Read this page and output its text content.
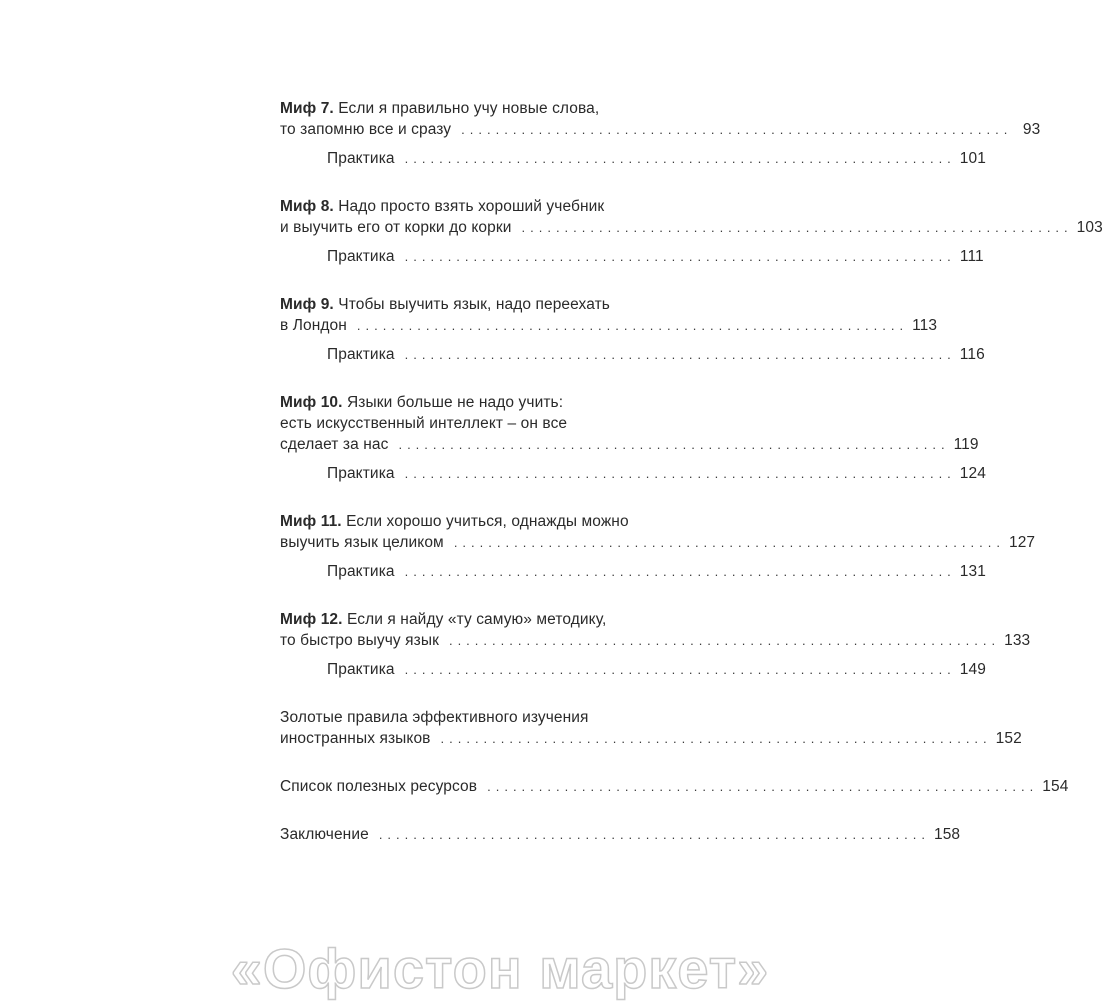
Миф 7. Если я правильно учу новые слова,
то запомню все и сразу ................................................................ 93
Практика ................................................................ 101
Миф 8. Надо просто взять хороший учебник
и выучить его от корки до корки ................................................................ 103
Практика ................................................................ 111
Миф 9. Чтобы выучить язык, надо переехать
в Лондон ................................................................ 113
Практика ................................................................ 116
Миф 10. Языки больше не надо учить:
есть искусственный интеллект – он все
сделает за нас ................................................................ 119
Практика ................................................................ 124
Миф 11. Если хорошо учиться, однажды можно
выучить язык целиком ................................................................ 127
Практика ................................................................ 131
Миф 12. Если я найду «ту самую» методику,
то быстро выучу язык ................................................................ 133
Практика ................................................................ 149
Золотые правила эффективного изучения
иностранных языков ................................................................ 152
Список полезных ресурсов ................................................................ 154
Заключение ................................................................ 158
«Офистон маркет»
